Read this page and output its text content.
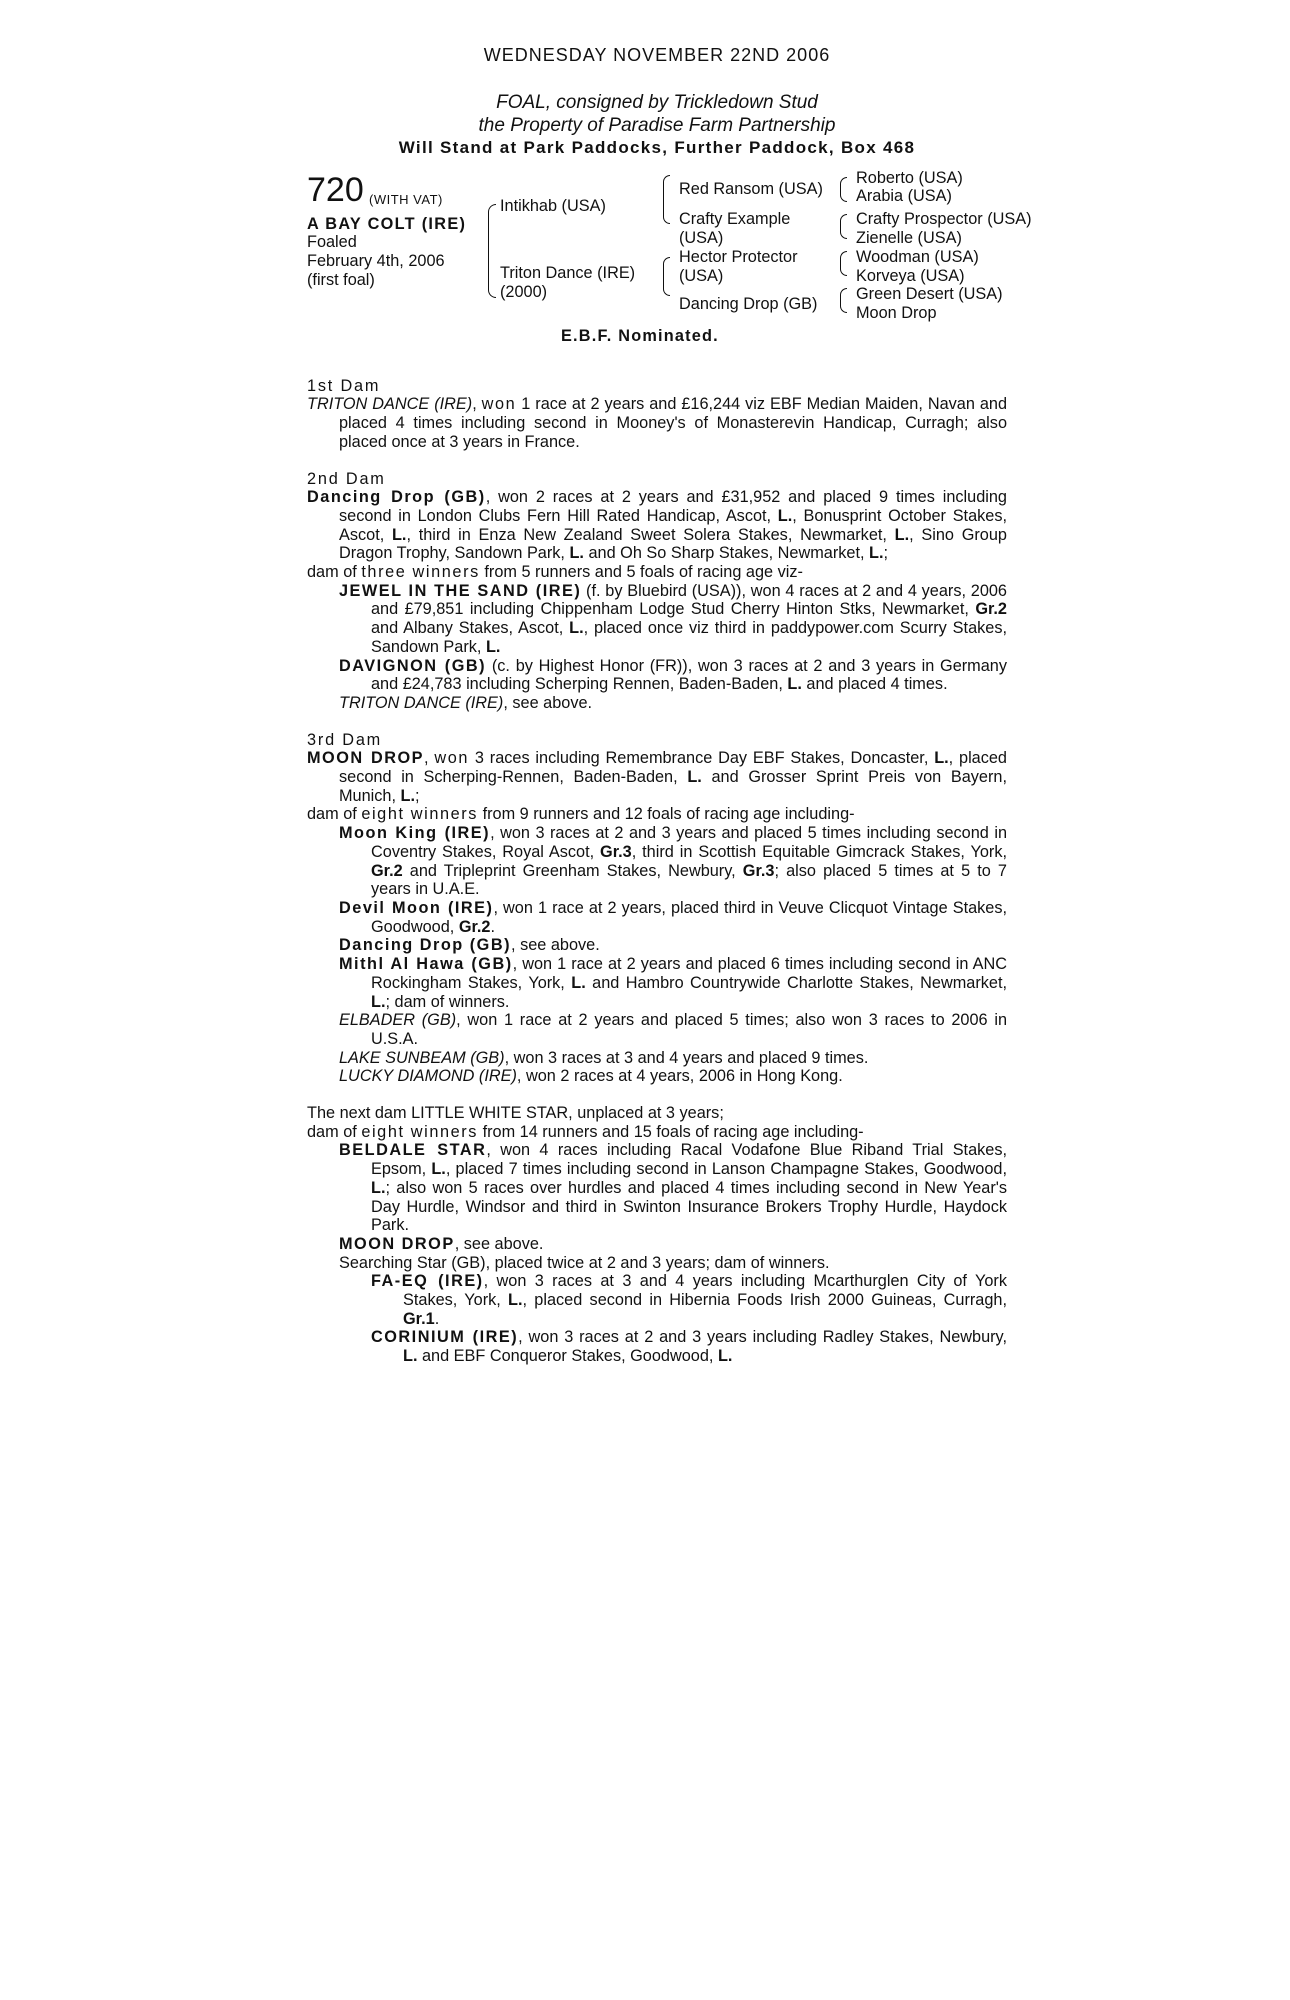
WEDNESDAY NOVEMBER 22ND 2006
FOAL, consigned by Trickledown Stud
the Property of Paradise Farm Partnership
Will Stand at Park Paddocks, Further Paddock, Box 468
720 (WITH VAT)
A BAY COLT (IRE)
Foaled
February 4th, 2006
(first foal)
Intikhab (USA)
Triton Dance (IRE)
(2000)
Red Ransom (USA)
Crafty Example
(USA)
Hector Protector
(USA)
Dancing Drop (GB)
Roberto (USA)
Arabia (USA)
Crafty Prospector (USA)
Zienelle (USA)
Woodman (USA)
Korveya (USA)
Green Desert (USA)
Moon Drop
E.B.F. Nominated.
1st Dam

TRITON DANCE (IRE), won 1 race at 2 years and £16,244 viz EBF Median Maiden, Navan and placed 4 times including second in Mooney's of Monasterevin Handicap, Curragh; also placed once at 3 years in France.

2nd Dam

Dancing Drop (GB), won 2 races at 2 years and £31,952 and placed 9 times including second in London Clubs Fern Hill Rated Handicap, Ascot, L., Bonusprint October Stakes, Ascot, L., third in Enza New Zealand Sweet Solera Stakes, Newmarket, L., Sino Group Dragon Trophy, Sandown Park, L. and Oh So Sharp Stakes, Newmarket, L.;

dam of three winners from 5 runners and 5 foals of racing age viz-

JEWEL IN THE SAND (IRE) (f. by Bluebird (USA)), won 4 races at 2 and 4 years, 2006 and £79,851 including Chippenham Lodge Stud Cherry Hinton Stks, Newmarket, Gr.2 and Albany Stakes, Ascot, L., placed once viz third in paddypower.com Scurry Stakes, Sandown Park, L.

DAVIGNON (GB) (c. by Highest Honor (FR)), won 3 races at 2 and 3 years in Germany and £24,783 including Scherping Rennen, Baden-Baden, L. and placed 4 times.

TRITON DANCE (IRE), see above.

3rd Dam

MOON DROP, won 3 races including Remembrance Day EBF Stakes, Doncaster, L., placed second in Scherping-Rennen, Baden-Baden, L. and Grosser Sprint Preis von Bayern, Munich, L.;

dam of eight winners from 9 runners and 12 foals of racing age including-

Moon King (IRE), won 3 races at 2 and 3 years and placed 5 times including second in Coventry Stakes, Royal Ascot, Gr.3, third in Scottish Equitable Gimcrack Stakes, York, Gr.2 and Tripleprint Greenham Stakes, Newbury, Gr.3; also placed 5 times at 5 to 7 years in U.A.E.

Devil Moon (IRE), won 1 race at 2 years, placed third in Veuve Clicquot Vintage Stakes, Goodwood, Gr.2.

Dancing Drop (GB), see above.

Mithl Al Hawa (GB), won 1 race at 2 years and placed 6 times including second in ANC Rockingham Stakes, York, L. and Hambro Countrywide Charlotte Stakes, Newmarket, L.; dam of winners.

ELBADER (GB), won 1 race at 2 years and placed 5 times; also won 3 races to 2006 in U.S.A.

LAKE SUNBEAM (GB), won 3 races at 3 and 4 years and placed 9 times.

LUCKY DIAMOND (IRE), won 2 races at 4 years, 2006 in Hong Kong.

The next dam LITTLE WHITE STAR, unplaced at 3 years;

dam of eight winners from 14 runners and 15 foals of racing age including-

BELDALE STAR, won 4 races including Racal Vodafone Blue Riband Trial Stakes, Epsom, L., placed 7 times including second in Lanson Champagne Stakes, Goodwood, L.; also won 5 races over hurdles and placed 4 times including second in New Year's Day Hurdle, Windsor and third in Swinton Insurance Brokers Trophy Hurdle, Haydock Park.

MOON DROP, see above.

Searching Star (GB), placed twice at 2 and 3 years; dam of winners.

FA-EQ (IRE), won 3 races at 3 and 4 years including Mcarthurglen City of York Stakes, York, L., placed second in Hibernia Foods Irish 2000 Guineas, Curragh, Gr.1.

CORINIUM (IRE), won 3 races at 2 and 3 years including Radley Stakes, Newbury, L. and EBF Conqueror Stakes, Goodwood, L.
